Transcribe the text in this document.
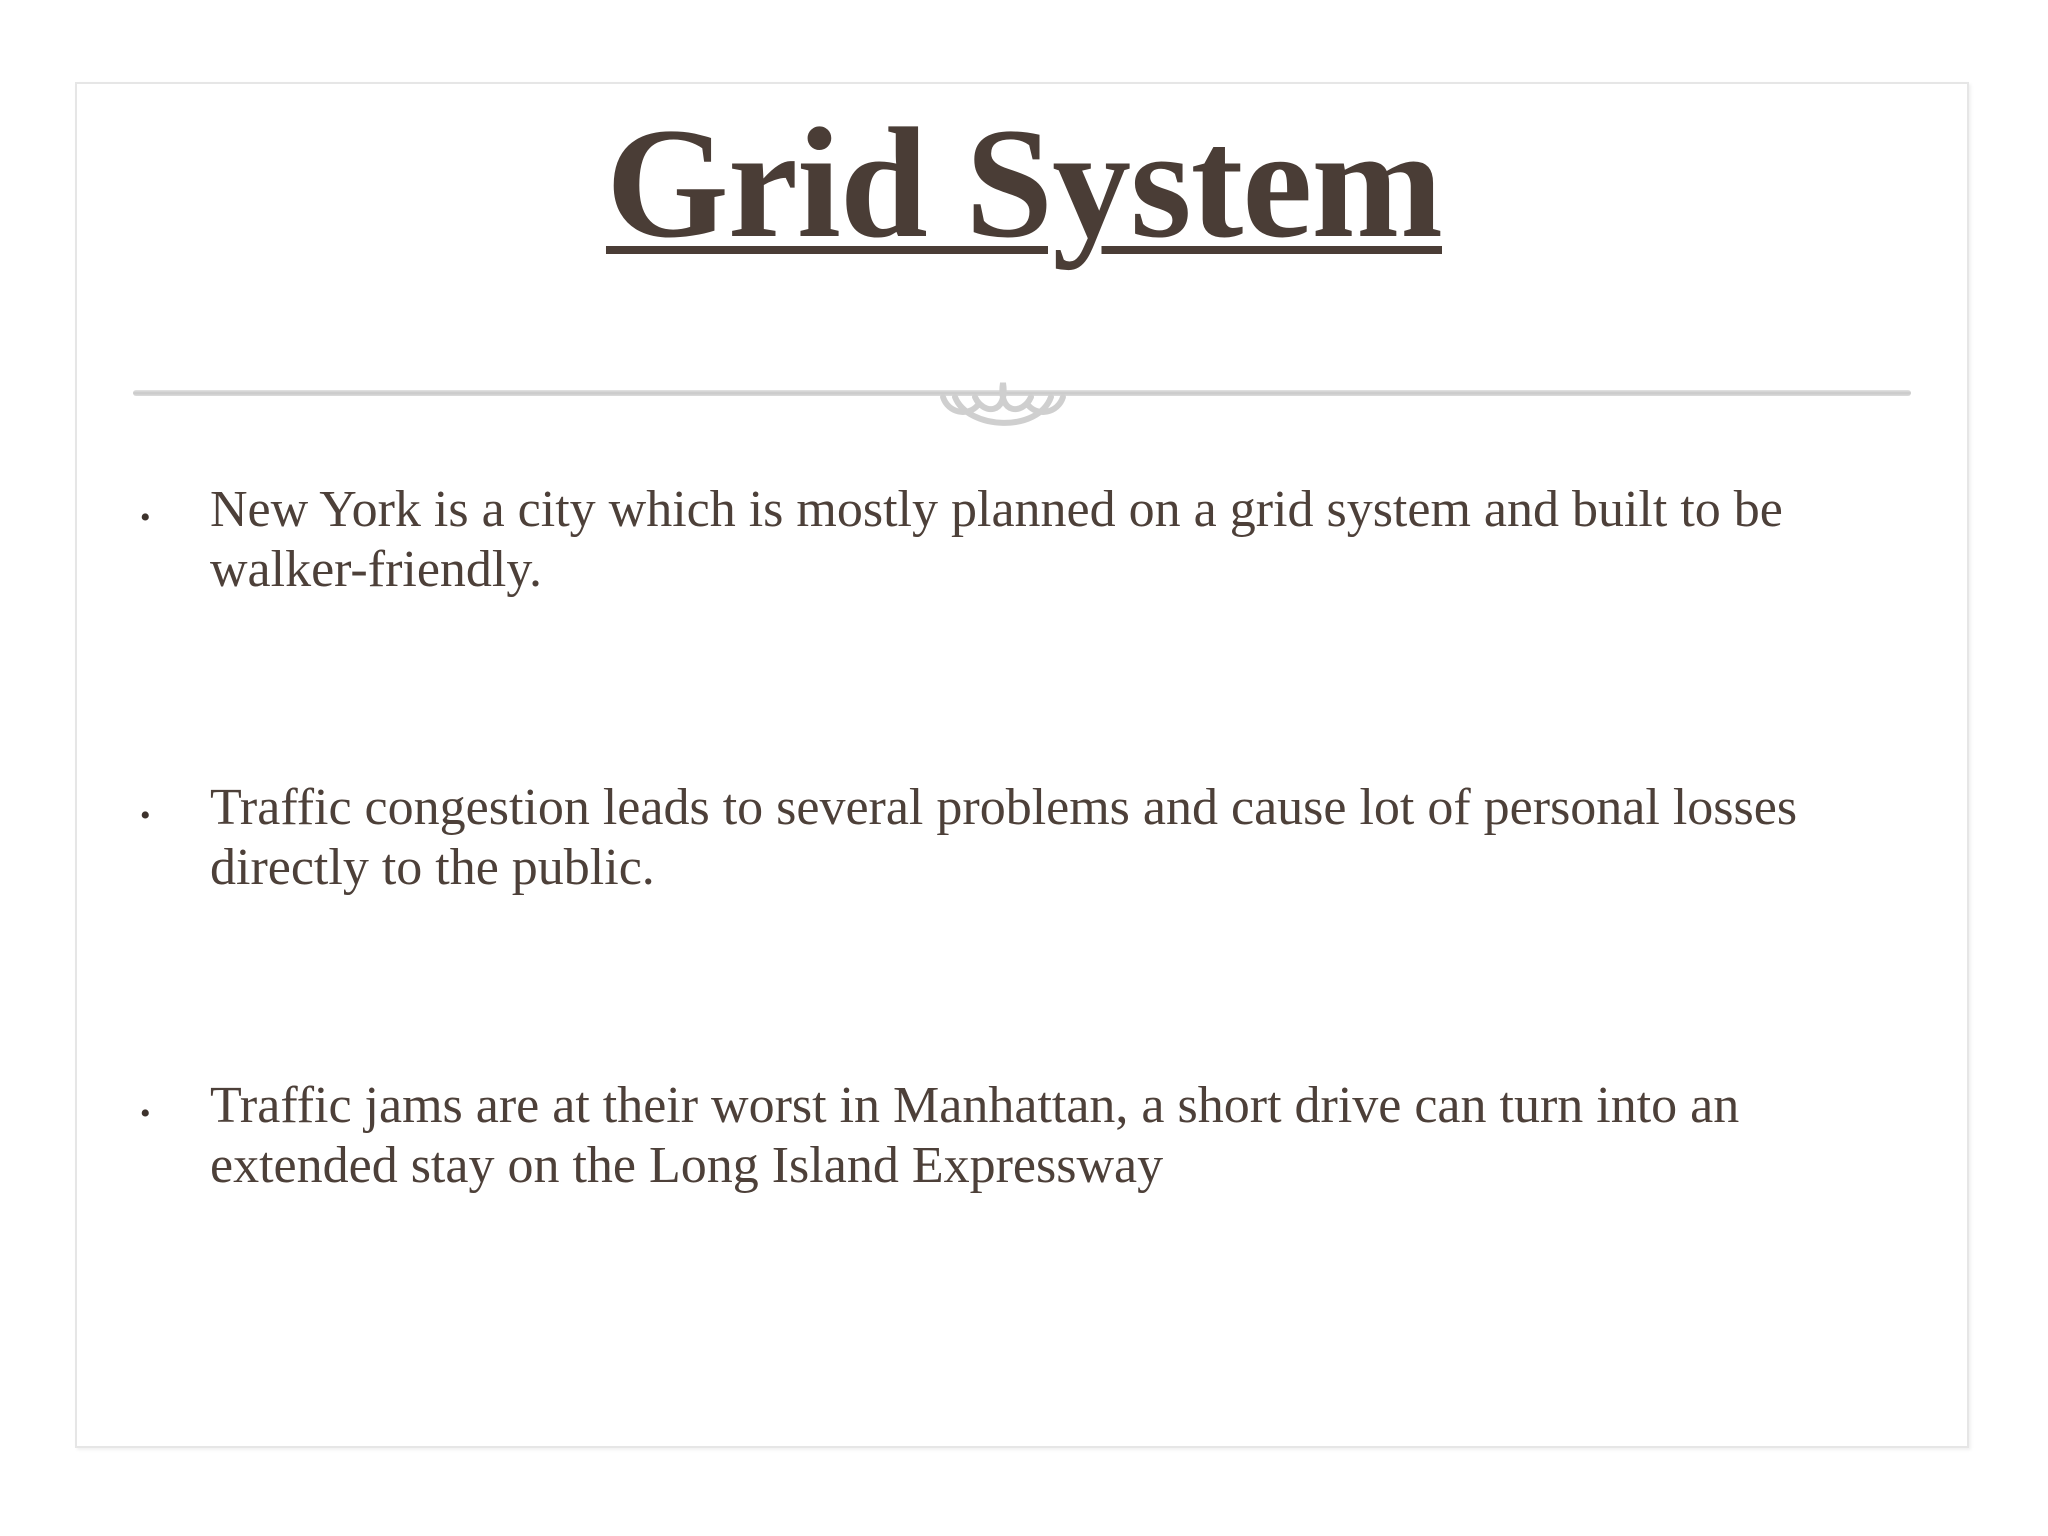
Grid System
•	New York is a city which is mostly planned on a grid system and built to be walker-friendly.
•	Traffic congestion leads to several problems and cause lot of personal losses directly to the public.
•	Traffic jams are at their worst in Manhattan, a short drive can turn into an extended stay on the Long Island Expressway
